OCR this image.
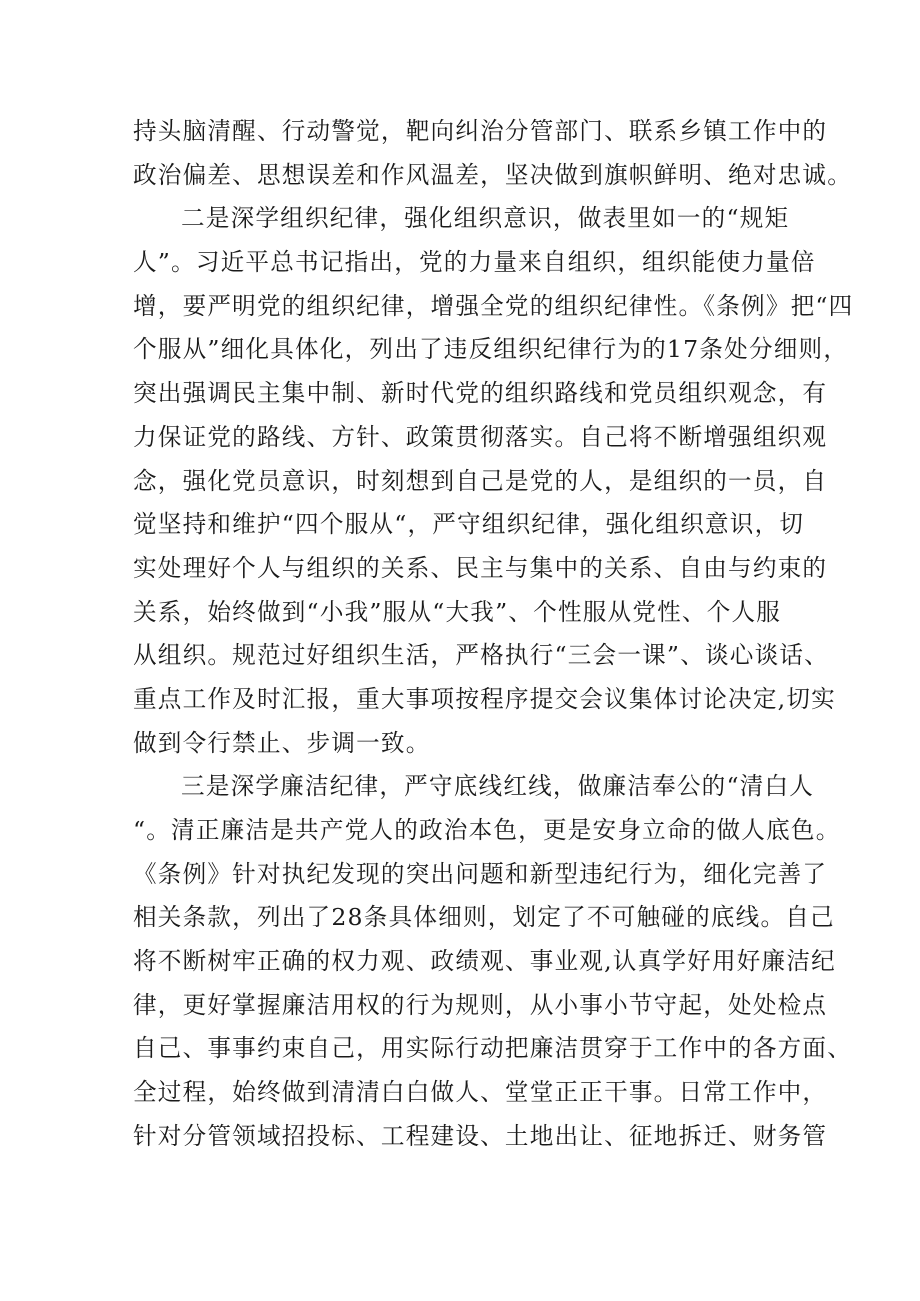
持头脑清醒、行动警觉，靶向纠治分管部门、联系乡镇工作中的
政治偏差、思想误差和作风温差，坚决做到旗帜鲜明、绝对忠诚。
二是深学组织纪律，强化组织意识，做表里如一的“规矩
人”。习近平总书记指出，党的力量来自组织，组织能使力量倍
增，要严明党的组织纪律，增强全党的组织纪律性。《条例》把“四
个服从”细化具体化，列出了违反组织纪律行为的17条处分细则，
突出强调民主集中制、新时代党的组织路线和党员组织观念，有
力保证党的路线、方针、政策贯彻落实。自己将不断增强组织观
念，强化党员意识，时刻想到自己是党的人，是组织的一员，自
觉坚持和维护“四个服从“，严守组织纪律，强化组织意识，切
实处理好个人与组织的关系、民主与集中的关系、自由与约束的
关系，始终做到“小我”服从“大我”、个性服从党性、个人服
从组织。规范过好组织生活，严格执行“三会一课”、谈心谈话、
重点工作及时汇报，重大事项按程序提交会议集体讨论决定,切实
做到令行禁止、步调一致。
三是深学廉洁纪律，严守底线红线，做廉洁奉公的“清白人
“。清正廉洁是共产党人的政治本色，更是安身立命的做人底色。
《条例》针对执纪发现的突出问题和新型违纪行为，细化完善了
相关条款，列出了28条具体细则，划定了不可触碰的底线。自己
将不断树牢正确的权力观、政绩观、事业观,认真学好用好廉洁纪
律，更好掌握廉洁用权的行为规则，从小事小节守起，处处检点
自己、事事约束自己，用实际行动把廉洁贯穿于工作中的各方面、
全过程，始终做到清清白白做人、堂堂正正干事。日常工作中，
针对分管领域招投标、工程建设、土地出让、征地拆迁、财务管
